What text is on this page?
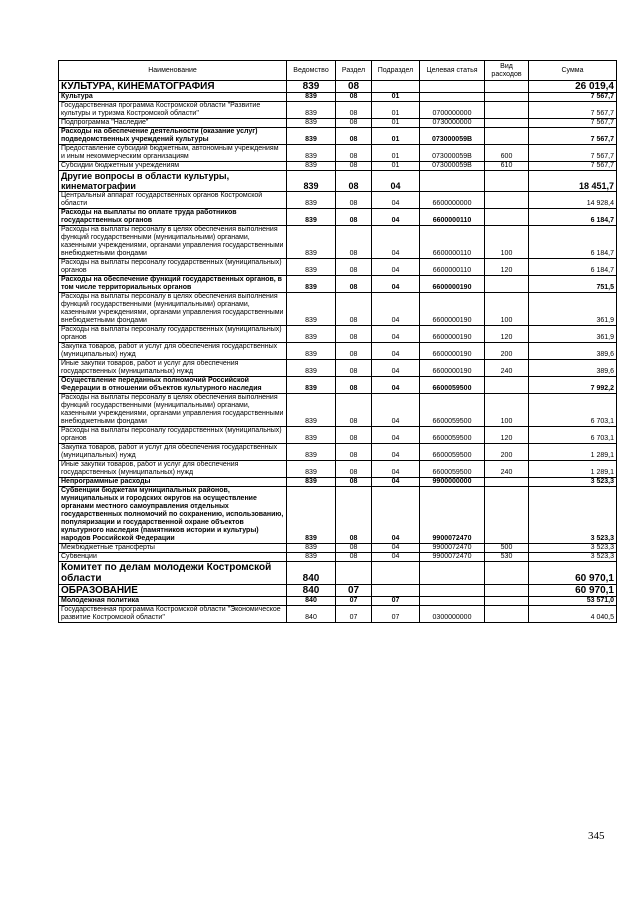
Наименование	Ведомство	Раздел	Подраздел	Целевая статья	Вид расходов	Сумма
КУЛЬТУРА, КИНЕМАТОГРАФИЯ	839	08				26 019,4
Культура	839	08	01			7 567,7
Государственная программа Костромской области "Развитие культуры и туризма Костромской области"	839	08	01	0700000000		7 567,7
Подпрограмма "Наследие"	839	08	01	0730000000		7 567,7
Расходы на обеспечение деятельности (оказание услуг) подведомственных учреждений культуры	839	08	01	073000059В		7 567,7
Предоставление субсидий бюджетным, автономным учреждениям и иным некоммерческим организациям	839	08	01	073000059В	600	7 567,7
Субсидии бюджетным учреждениям	839	08	01	073000059В	610	7 567,7
Другие вопросы в области культуры, кинематографии	839	08	04			18 451,7
Центральный аппарат государственных органов Костромской области	839	08	04	6600000000		14 928,4
Расходы на выплаты по оплате труда работников государственных органов	839	08	04	6600000110		6 184,7
Расходы на выплаты персоналу в целях обеспечения выполнения функций государственными (муниципальными) органами, казенными учреждениями, органами управления государственными внебюджетными фондами	839	08	04	6600000110	100	6 184,7
Расходы на выплаты персоналу государственных (муниципальных) органов	839	08	04	6600000110	120	6 184,7
Расходы на обеспечение функций государственных органов, в том числе территориальных органов	839	08	04	6600000190		751,5
Расходы на выплаты персоналу в целях обеспечения выполнения функций государственными (муниципальными) органами, казенными учреждениями, органами управления государственными внебюджетными фондами	839	08	04	6600000190	100	361,9
Расходы на выплаты персоналу государственных (муниципальных) органов	839	08	04	6600000190	120	361,9
Закупка товаров, работ и услуг для обеспечения государственных (муниципальных) нужд	839	08	04	6600000190	200	389,6
Иные закупки товаров, работ и услуг для обеспечения государственных (муниципальных) нужд	839	08	04	6600000190	240	389,6
Осуществление переданных полномочий Российской Федерации в отношении объектов культурного наследия	839	08	04	6600059500		7 992,2
Расходы на выплаты персоналу в целях обеспечения выполнения функций государственными (муниципальными) органами, казенными учреждениями, органами управления государственными внебюджетными фондами	839	08	04	6600059500	100	6 703,1
Расходы на выплаты персоналу государственных (муниципальных) органов	839	08	04	6600059500	120	6 703,1
Закупка товаров, работ и услуг для обеспечения государственных (муниципальных) нужд	839	08	04	6600059500	200	1 289,1
Иные закупки товаров, работ и услуг для обеспечения государственных (муниципальных) нужд	839	08	04	6600059500	240	1 289,1
Непрограммные расходы	839	08	04	9900000000		3 523,3
Субвенции бюджетам муниципальных районов, муниципальных и городских округов на осуществление органами местного самоуправления отдельных государственных полномочий по сохранению, использованию, популяризации и государственной охране объектов культурного наследия (памятников истории и культуры) народов Российской Федерации	839	08	04	9900072470		3 523,3
Межбюджетные трансферты	839	08	04	9900072470	500	3 523,3
Субвенции	839	08	04	9900072470	530	3 523,3
Комитет по делам молодежи Костромской области	840					60 970,1
ОБРАЗОВАНИЕ	840	07				60 970,1
Молодежная политика	840	07	07			53 571,0
Государственная программа Костромской области "Экономическое развитие Костромской области"	840	07	07	0300000000		4 040,5
345
